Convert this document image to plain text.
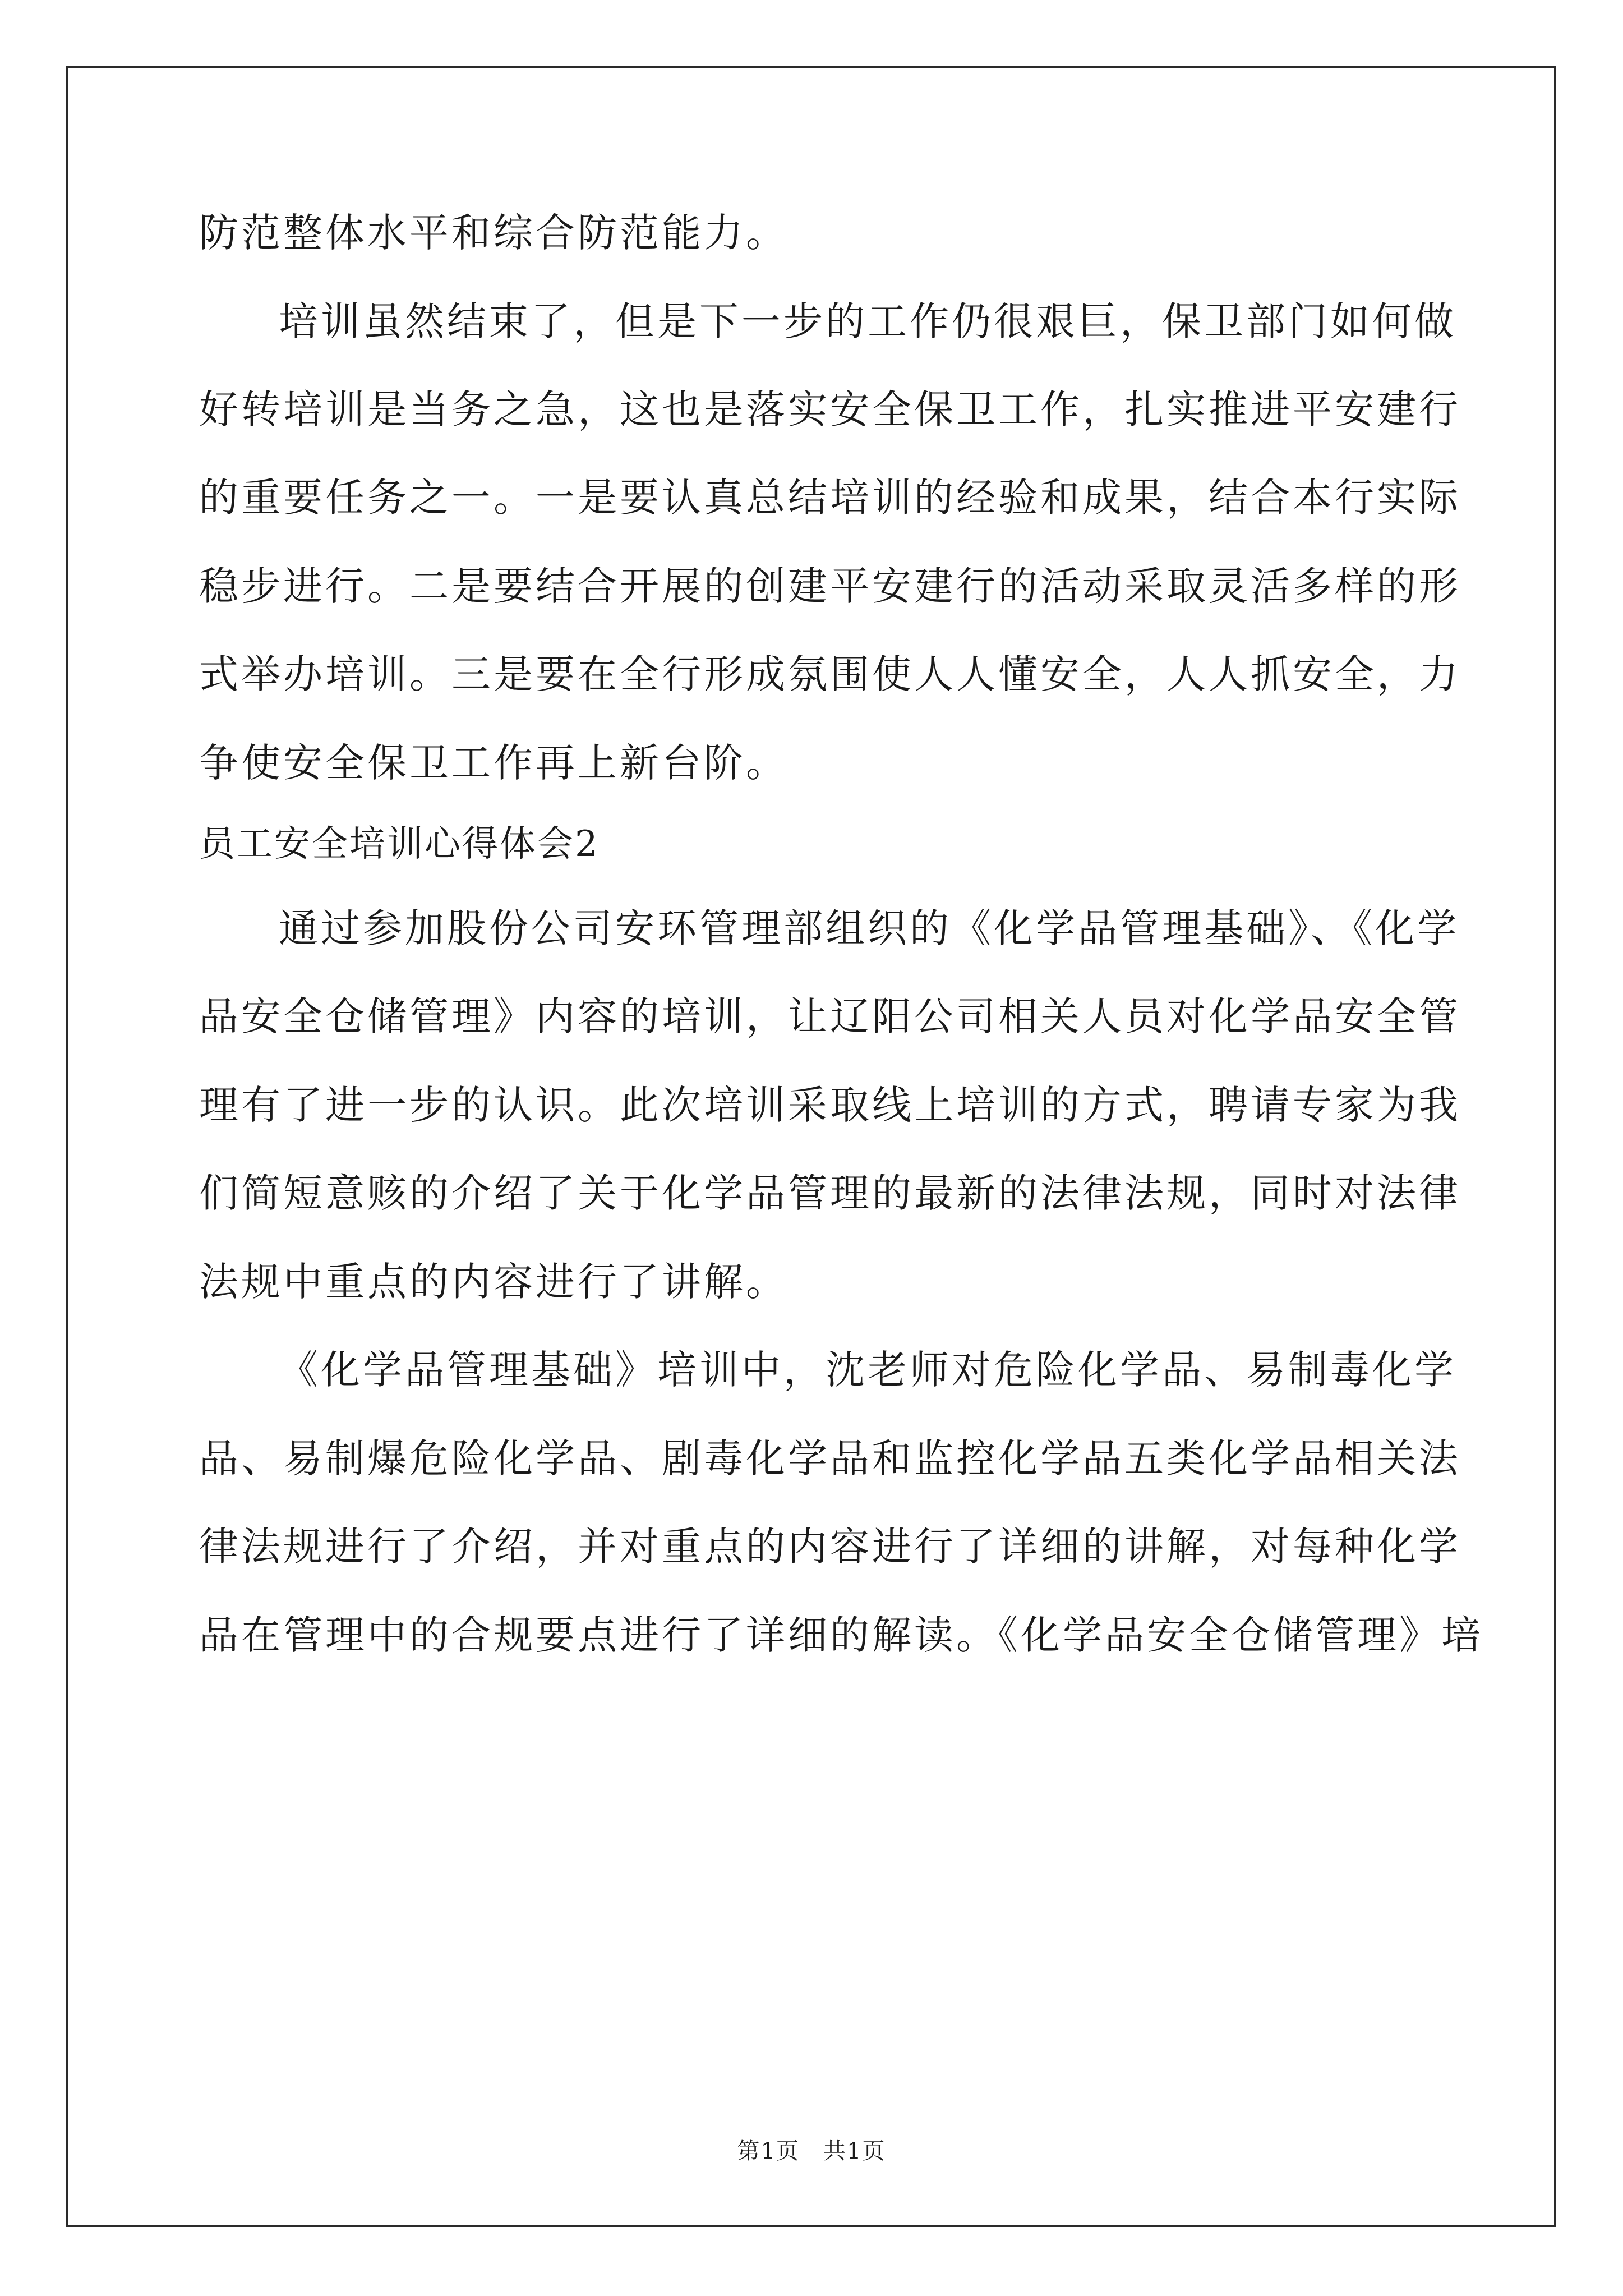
防范整体水平和综合防范能力。
培训虽然结束了，但是下一步的工作仍很艰巨，保卫部门如何做
好转培训是当务之急，这也是落实安全保卫工作，扎实推进平安建行
的重要任务之一。一是要认真总结培训的经验和成果，结合本行实际
稳步进行。二是要结合开展的创建平安建行的活动采取灵活多样的形
式举办培训。三是要在全行形成氛围使人人懂安全，人人抓安全，力
争使安全保卫工作再上新台阶。
员工安全培训心得体会2
通过参加股份公司安环管理部组织的《化学品管理基础》、《化学
品安全仓储管理》内容的培训，让辽阳公司相关人员对化学品安全管
理有了进一步的认识。此次培训采取线上培训的方式，聘请专家为我
们简短意赅的介绍了关于化学品管理的最新的法律法规，同时对法律
法规中重点的内容进行了讲解。
《化学品管理基础》培训中，沈老师对危险化学品、易制毒化学
品、易制爆危险化学品、剧毒化学品和监控化学品五类化学品相关法
律法规进行了介绍，并对重点的内容进行了详细的讲解，对每种化学
品在管理中的合规要点进行了详细的解读。《化学品安全仓储管理》培
第1页　共1页
